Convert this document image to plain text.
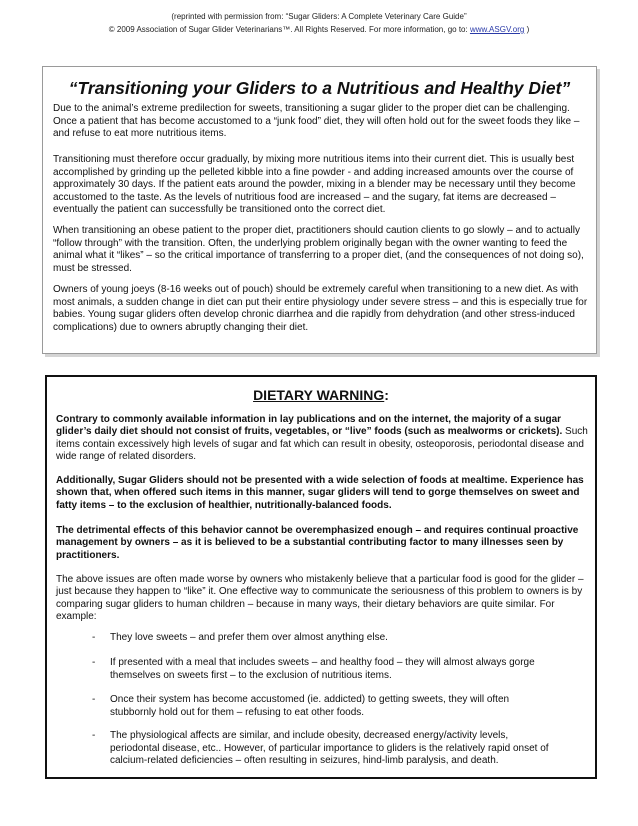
(reprinted with permission from: “Sugar Gliders: A Complete Veterinary Care Guide”
© 2009 Association of Sugar Glider Veterinarians™. All Rights Reserved. For more information, go to: www.ASGV.org )
“Transitioning your Gliders to a Nutritious and Healthy Diet”

Due to the animal’s extreme predilection for sweets, transitioning a sugar glider to the proper diet can be challenging. Once a patient that has become accustomed to a “junk food” diet, they will often hold out for the sweet foods they like – and refuse to eat more nutritious items.

Transitioning must therefore occur gradually, by mixing more nutritious items into their current diet. This is usually best accomplished by grinding up the pelleted kibble into a fine powder - and adding increased amounts over the course of approximately 30 days. If the patient eats around the powder, mixing in a blender may be necessary until they become accustomed to the taste. As the levels of nutritious food are increased – and the sugary, fat items are decreased – eventually the patient can successfully be transitioned onto the correct diet.

When transitioning an obese patient to the proper diet, practitioners should caution clients to go slowly – and to actually “follow through” with the transition. Often, the underlying problem originally began with the owner wanting to feed the animal what it “likes” – so the critical importance of transferring to a proper diet, (and the consequences of not doing so), must be stressed.

Owners of young joeys (8-16 weeks out of pouch) should be extremely careful when transitioning to a new diet. As with most animals, a sudden change in diet can put their entire physiology under severe stress – and this is especially true for babies. Young sugar gliders often develop chronic diarrhea and die rapidly from dehydration (and other stress-induced complications) due to owners abruptly changing their diet.

DIETARY WARNING:

Contrary to commonly available information in lay publications and on the internet, the majority of a sugar glider’s daily diet should not consist of fruits, vegetables, or “live” foods (such as mealworms or crickets). Such items contain excessively high levels of sugar and fat which can result in obesity, osteoporosis, periodontal disease and wide range of related disorders.

Additionally, Sugar Gliders should not be presented with a wide selection of foods at mealtime. Experience has shown that, when offered such items in this manner, sugar gliders will tend to gorge themselves on sweet and fatty items – to the exclusion of healthier, nutritionally-balanced foods.

The detrimental effects of this behavior cannot be overemphasized enough – and requires continual proactive management by owners – as it is believed to be a substantial contributing factor to many illnesses seen by practitioners.

The above issues are often made worse by owners who mistakenly believe that a particular food is good for the glider – just because they happen to “like” it. One effective way to communicate the seriousness of this problem to owners is by comparing sugar gliders to human children – because in many ways, their dietary behaviors are quite similar. For example:

- They love sweets – and prefer them over almost anything else.
- If presented with a meal that includes sweets – and healthy food – they will almost always gorge themselves on sweets first – to the exclusion of nutritious items.
- Once their system has become accustomed (ie. addicted) to getting sweets, they will often stubbornly hold out for them – refusing to eat other foods.
- The physiological affects are similar, and include obesity, decreased energy/activity levels, periodontal disease, etc.. However, of particular importance to gliders is the relatively rapid onset of calcium-related deficiencies – often resulting in seizures, hind-limb paralysis, and death.
